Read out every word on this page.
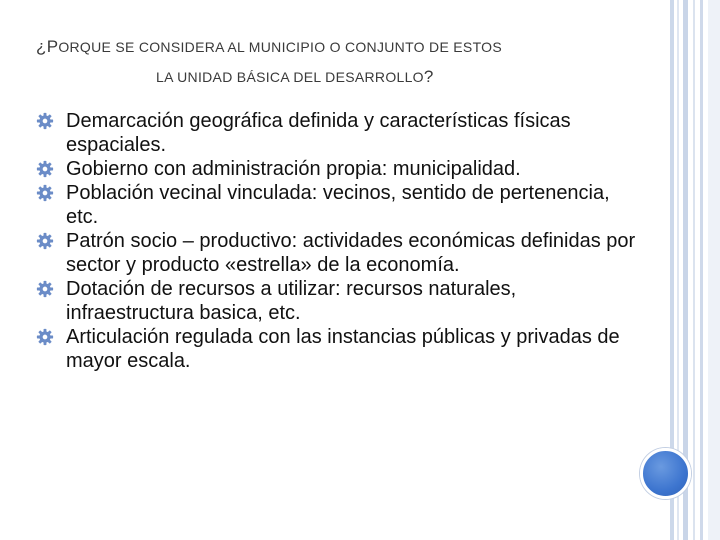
¿PORQUE SE CONSIDERA AL MUNICIPIO O CONJUNTO DE ESTOS
LA UNIDAD BÁSICA DEL DESARROLLO?
Demarcación geográfica definida y características físicas espaciales.
Gobierno con administración propia: municipalidad.
Población vecinal vinculada: vecinos, sentido de pertenencia, etc.
Patrón socio – productivo: actividades económicas definidas por sector y producto «estrella» de la economía.
Dotación de recursos a utilizar: recursos naturales, infraestructura basica, etc.
Articulación regulada con las instancias públicas y privadas de mayor escala.
